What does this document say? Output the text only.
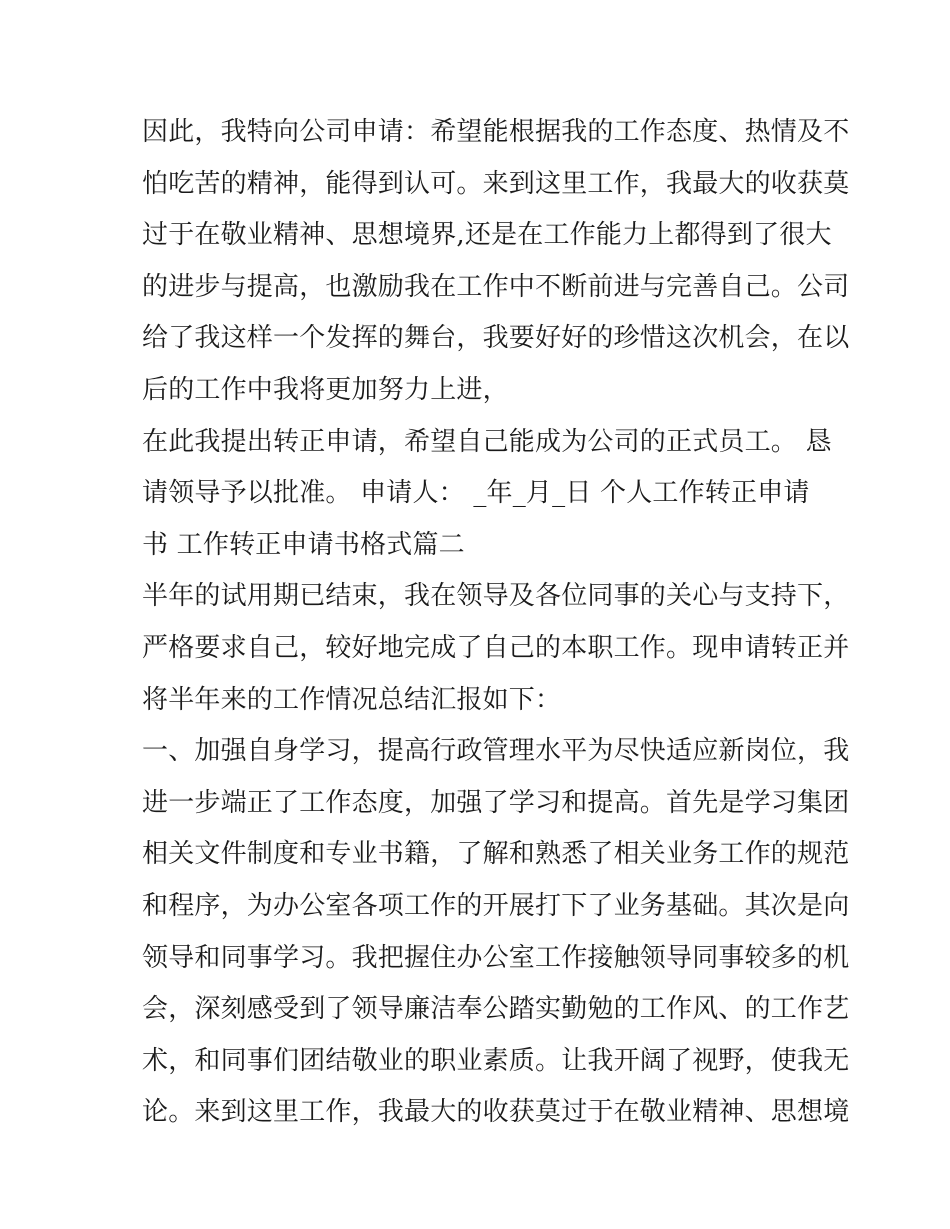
因此，我特向公司申请：希望能根据我的工作态度、热情及不
怕吃苦的精神，能得到认可。来到这里工作，我最大的收获莫
过于在敬业精神、思想境界,还是在工作能力上都得到了很大
的进步与提高，也激励我在工作中不断前进与完善自己。公司
给了我这样一个发挥的舞台，我要好好的珍惜这次机会，在以
后的工作中我将更加努力上进，
在此我提出转正申请，希望自己能成为公司的正式员工。 恳
请领导予以批准。 申请人： _年_月_日 个人工作转正申请
书 工作转正申请书格式篇二
半年的试用期已结束，我在领导及各位同事的关心与支持下，
严格要求自己，较好地完成了自己的本职工作。现申请转正并
将半年来的工作情况总结汇报如下：
一、加强自身学习，提高行政管理水平为尽快适应新岗位，我
进一步端正了工作态度，加强了学习和提高。首先是学习集团
相关文件制度和专业书籍，了解和熟悉了相关业务工作的规范
和程序，为办公室各项工作的开展打下了业务基础。其次是向
领导和同事学习。我把握住办公室工作接触领导同事较多的机
会，深刻感受到了领导廉洁奉公踏实勤勉的工作风、的工作艺
术，和同事们团结敬业的职业素质。让我开阔了视野，使我无
论。来到这里工作，我最大的收获莫过于在敬业精神、思想境
